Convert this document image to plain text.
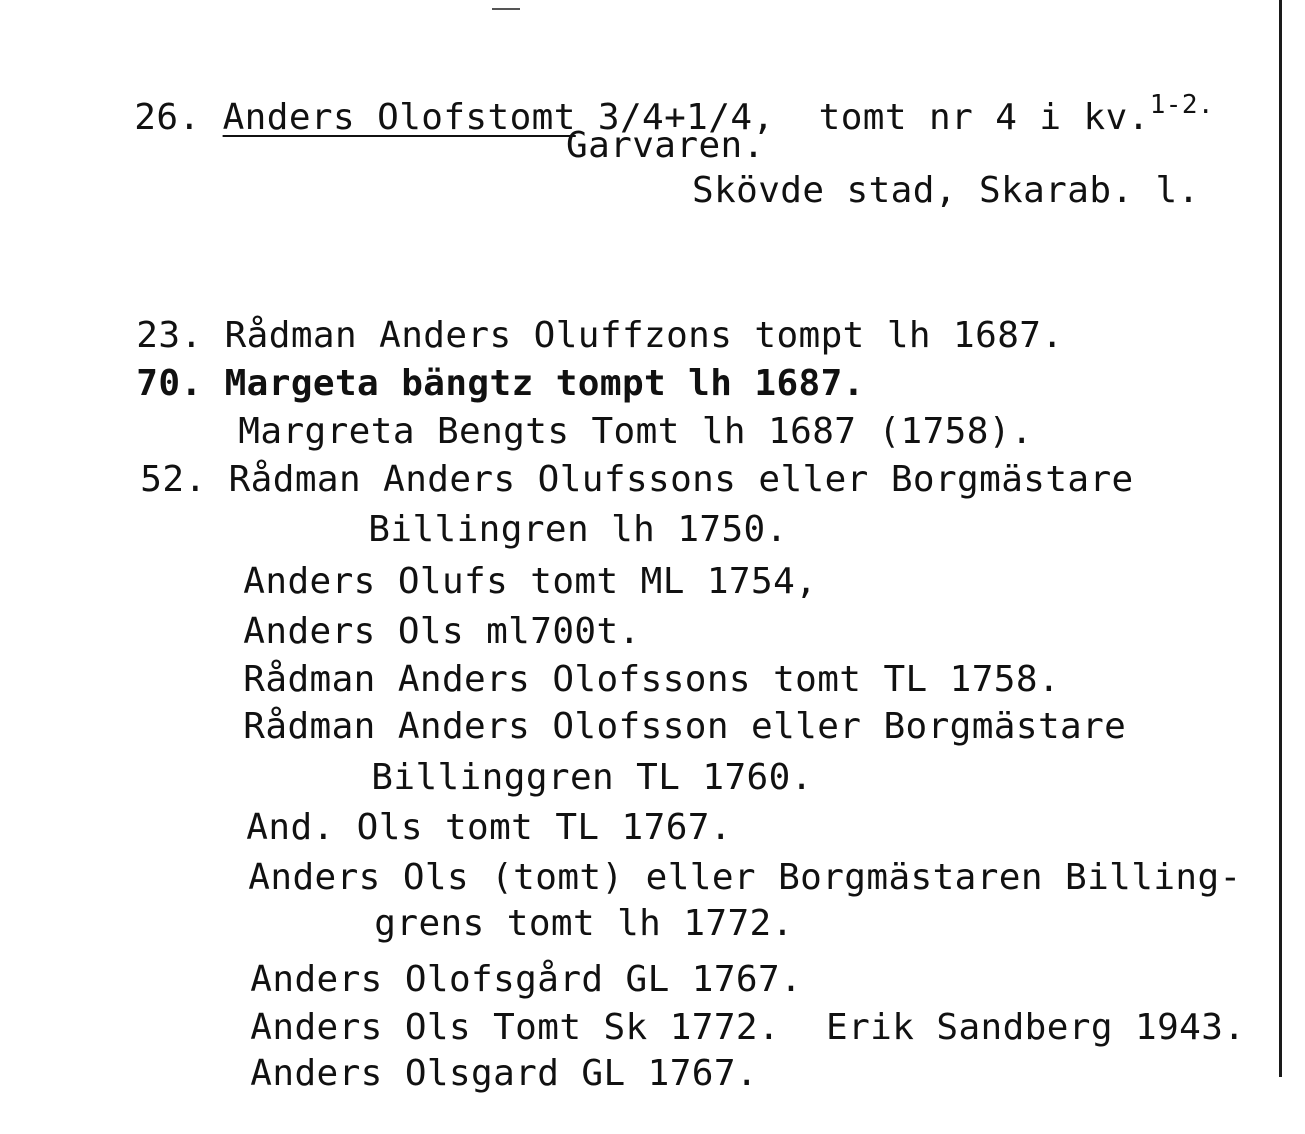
26. Anders Olofstomt 3/4+1/4, tomt nr 4 i kv.$^{1-2.}$

Garvaren.
Skövde stad, Skarab. l.

23. Rådman Anders Oluffzons tompt lh 1687.

70. Margeta bängtz tompt lh 1687.

Margreta Bengts Tomt lh 1687 (1758).

52. Rådman Anders Olufssons eller Borgmästare

Billingren lh 1750.

Anders Olufs tomt ML 1754,

Anders Ols ml700t.

Rådman Anders Olofssons tomt TL 1758.

Rådman Anders Olofsson eller Borgmästare

Billinggren TL 1760.

And. Ols tomt TL 1767.

Anders Ols (tomt) eller Borgmästaren Billing-

grens tomt lh 1772.

Anders Olofsgård GL 1767.

Anders Ols Tomt Sk 1772.

Anders Olsgard GL 1767.

Erik Sandberg 1943.
